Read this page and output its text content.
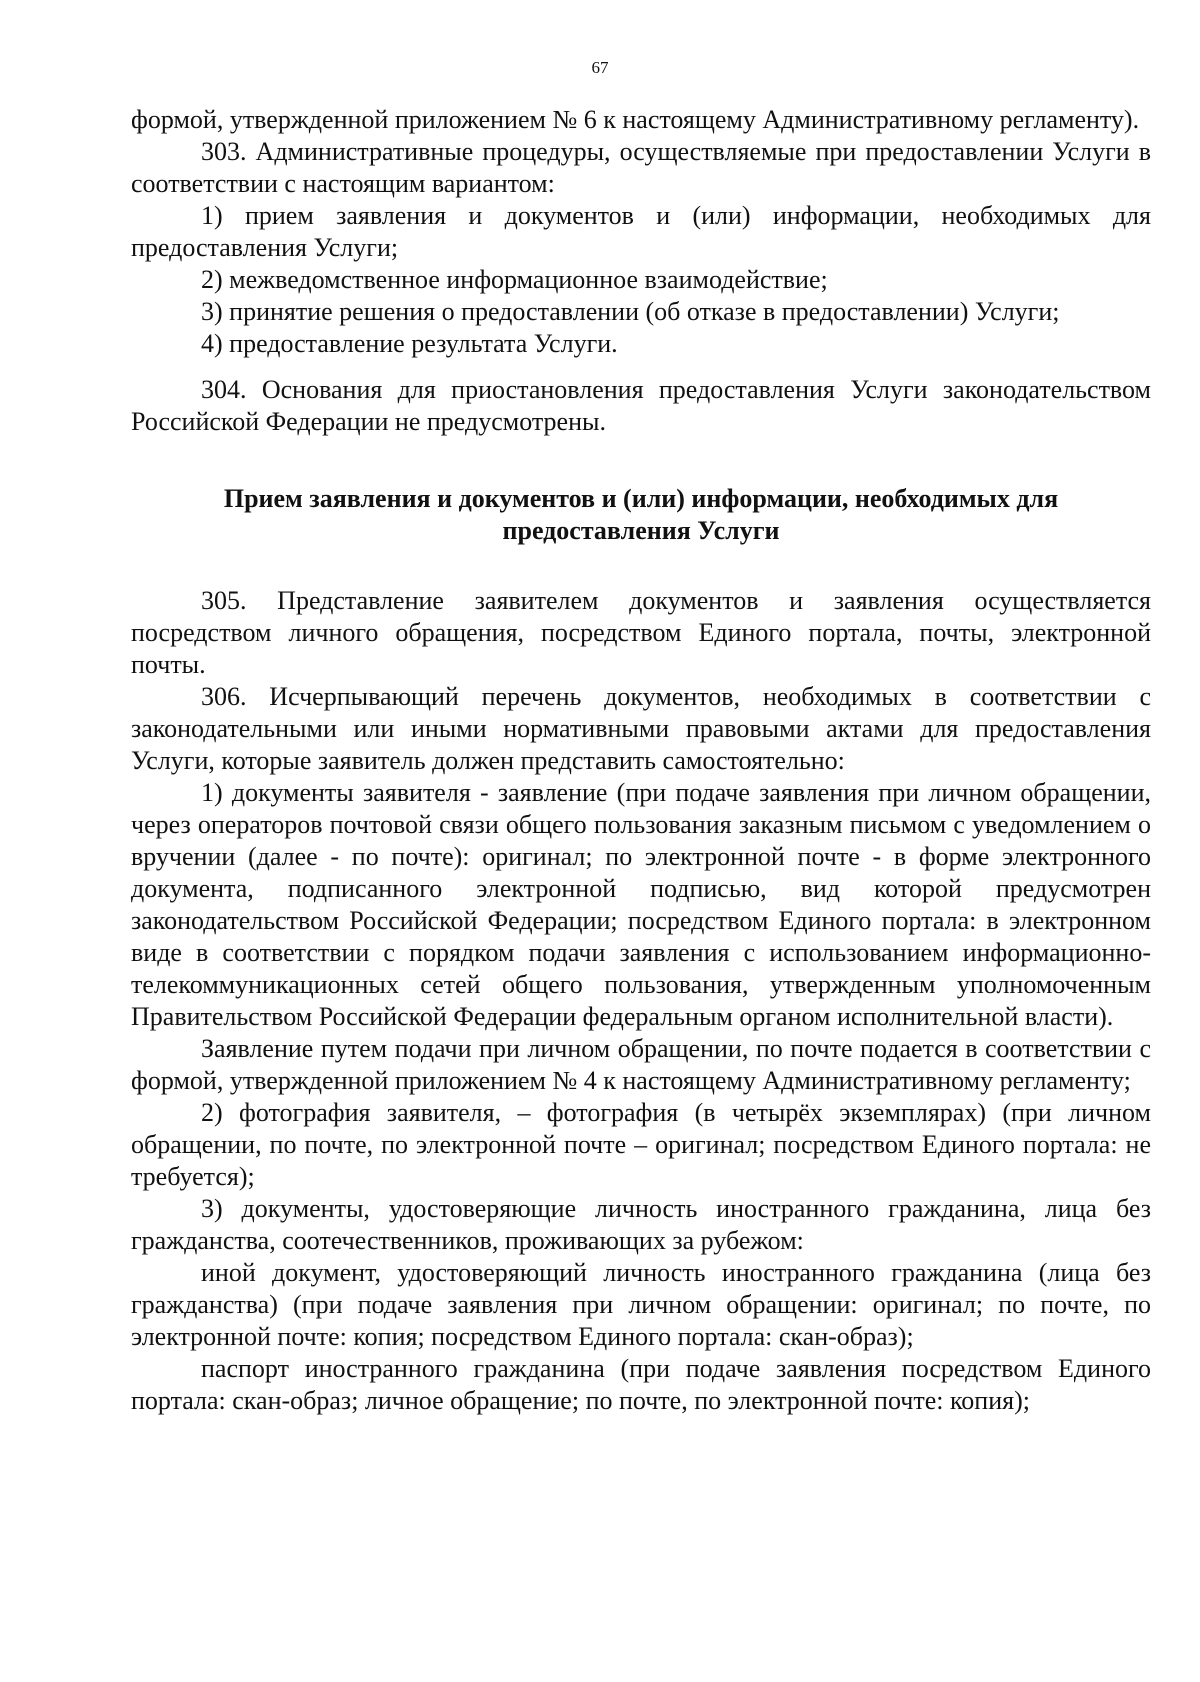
67

формой, утвержденной приложением № 6 к настоящему Административному регламенту).

303. Административные процедуры, осуществляемые при предоставлении Услуги в соответствии с настоящим вариантом:

1) прием заявления и документов и (или) информации, необходимых для предоставления Услуги;

2) межведомственное информационное взаимодействие;

3) принятие решения о предоставлении (об отказе в предоставлении) Услуги;

4) предоставление результата Услуги.

304. Основания для приостановления предоставления Услуги законодательством Российской Федерации не предусмотрены.

Прием заявления и документов и (или) информации, необходимых для
предоставления Услуги

305. Представление заявителем документов и заявления осуществляется посредством личного обращения, посредством Единого портала, почты, электронной почты.

306. Исчерпывающий перечень документов, необходимых в соответствии с законодательными или иными нормативными правовыми актами для предоставления Услуги, которые заявитель должен представить самостоятельно:

1) документы заявителя - заявление (при подаче заявления при личном обращении, через операторов почтовой связи общего пользования заказным письмом с уведомлением о вручении (далее - по почте): оригинал; по электронной почте - в форме электронного документа, подписанного электронной подписью, вид которой предусмотрен законодательством Российской Федерации; посредством Единого портала: в электронном виде в соответствии с порядком подачи заявления с использованием информационно-телекоммуникационных сетей общего пользования, утвержденным уполномоченным Правительством Российской Федерации федеральным органом исполнительной власти).

Заявление путем подачи при личном обращении, по почте подается в соответствии с формой, утвержденной приложением № 4 к настоящему Административному регламенту;

2) фотография заявителя, – фотография (в четырёх экземплярах) (при личном обращении, по почте, по электронной почте – оригинал; посредством Единого портала: не требуется);

3) документы, удостоверяющие личность иностранного гражданина, лица без гражданства, соотечественников, проживающих за рубежом:

иной документ, удостоверяющий личность иностранного гражданина (лица без гражданства) (при подаче заявления при личном обращении: оригинал; по почте, по электронной почте: копия; посредством Единого портала: скан-образ);

паспорт иностранного гражданина (при подаче заявления посредством Единого портала: скан-образ; личное обращение; по почте, по электронной почте: копия);
